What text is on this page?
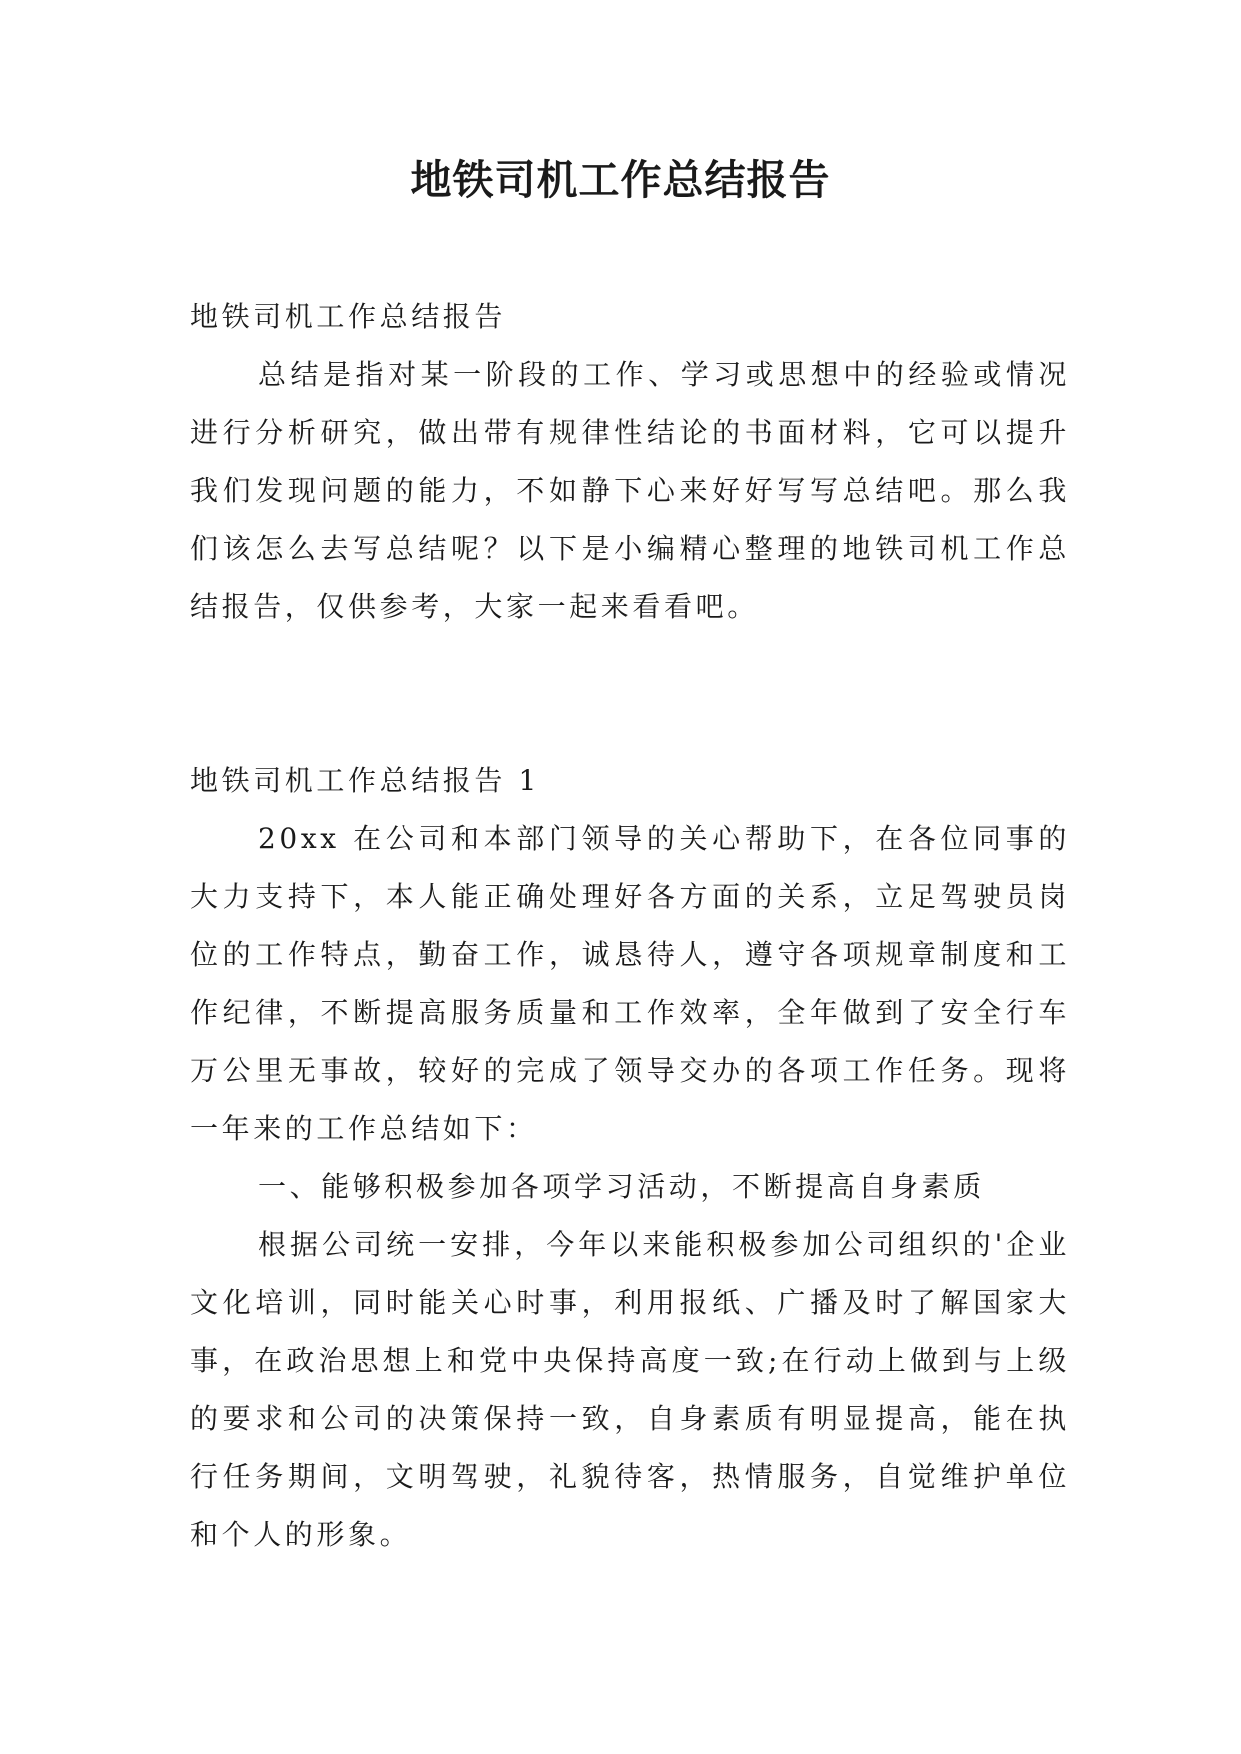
地铁司机工作总结报告

地铁司机工作总结报告

总结是指对某一阶段的工作、学习或思想中的经验或情况进行分析研究，做出带有规律性结论的书面材料，它可以提升我们发现问题的能力，不如静下心来好好写写总结吧。那么我们该怎么去写总结呢？以下是小编精心整理的地铁司机工作总结报告，仅供参考，大家一起来看看吧。

地铁司机工作总结报告 1

20xx 在公司和本部门领导的关心帮助下，在各位同事的大力支持下，本人能正确处理好各方面的关系，立足驾驶员岗位的工作特点，勤奋工作，诚恳待人，遵守各项规章制度和工作纪律，不断提高服务质量和工作效率，全年做到了安全行车万公里无事故，较好的完成了领导交办的各项工作任务。现将一年来的工作总结如下：

一、能够积极参加各项学习活动，不断提高自身素质

根据公司统一安排，今年以来能积极参加公司组织的'企业文化培训，同时能关心时事，利用报纸、广播及时了解国家大事，在政治思想上和党中央保持高度一致;在行动上做到与上级的要求和公司的决策保持一致，自身素质有明显提高，能在执行任务期间，文明驾驶，礼貌待客，热情服务，自觉维护单位和个人的形象。
